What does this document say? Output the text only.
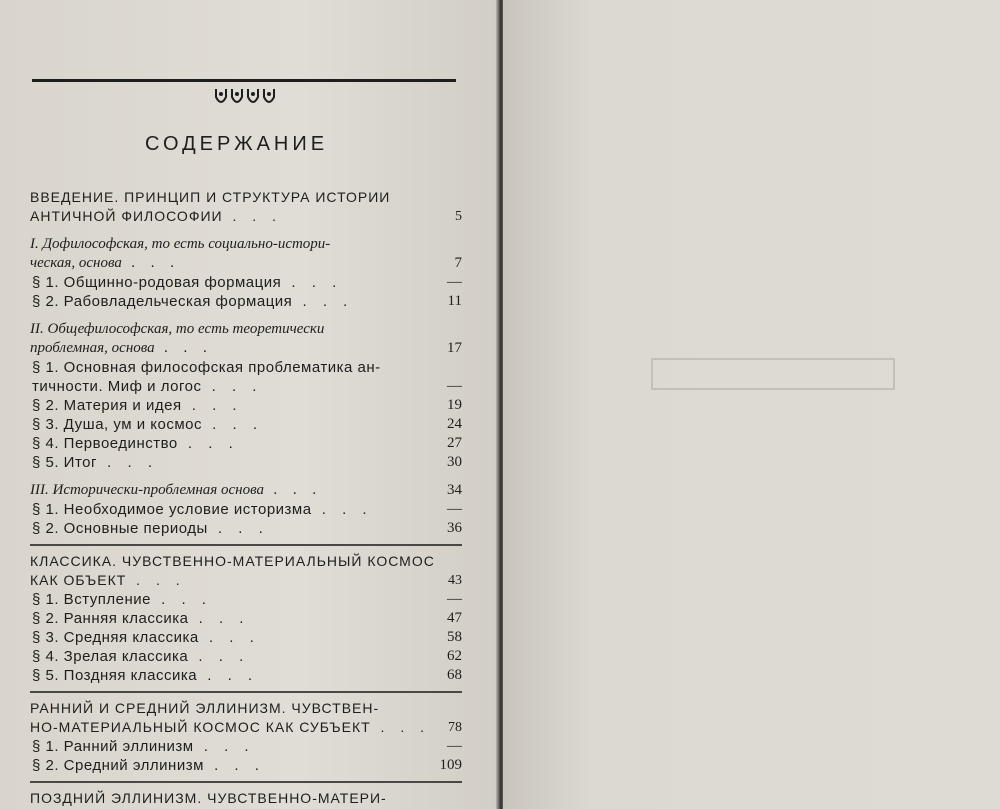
СОДЕРЖАНИЕ
ВВЕДЕНИЕ. ПРИНЦИП И СТРУКТУРА ИСТОРИИ
АНТИЧНОЙ ФИЛОСОФИИ . . .	5
I. Дофилософская, то есть социально-истори-
ческая, основа . . .	7
§ 1. Общинно-родовая формация . . .	—
§ 2. Рабовладельческая формация . . .	11
II. Общефилософская, то есть теоретически
проблемная, основа . . .	17
§ 1. Основная философская проблематика ан-
тичности. Миф и логос . . .	—
§ 2. Материя и идея . . .	19
§ 3. Душа, ум и космос . . .	24
§ 4. Первоединство . . .	27
§ 5. Итог . . .	30
III. Исторически-проблемная основа . . .	34
§ 1. Необходимое условие историзма . . .	—
§ 2. Основные периоды . . .	36
КЛАССИКА. ЧУВСТВЕННО-МАТЕРИАЛЬНЫЙ КОСМОС КАК ОБЪЕКТ . . .	43
§ 1. Вступление . . .	—
§ 2. Ранняя классика . . .	47
§ 3. Средняя классика . . .	58
§ 4. Зрелая классика . . .	62
§ 5. Поздняя классика . . .	68
РАННИЙ И СРЕДНИЙ ЭЛЛИНИЗМ. ЧУВСТВЕН-
НО-МАТЕРИАЛЬНЫЙ КОСМОС КАК СУБЪЕКТ . . . 78
§ 1. Ранний эллинизм . . .	—
§ 2. Средний эллинизм . . .	109
ПОЗДНИЙ ЭЛЛИНИЗМ. ЧУВСТВЕННО-МАТЕРИ-
